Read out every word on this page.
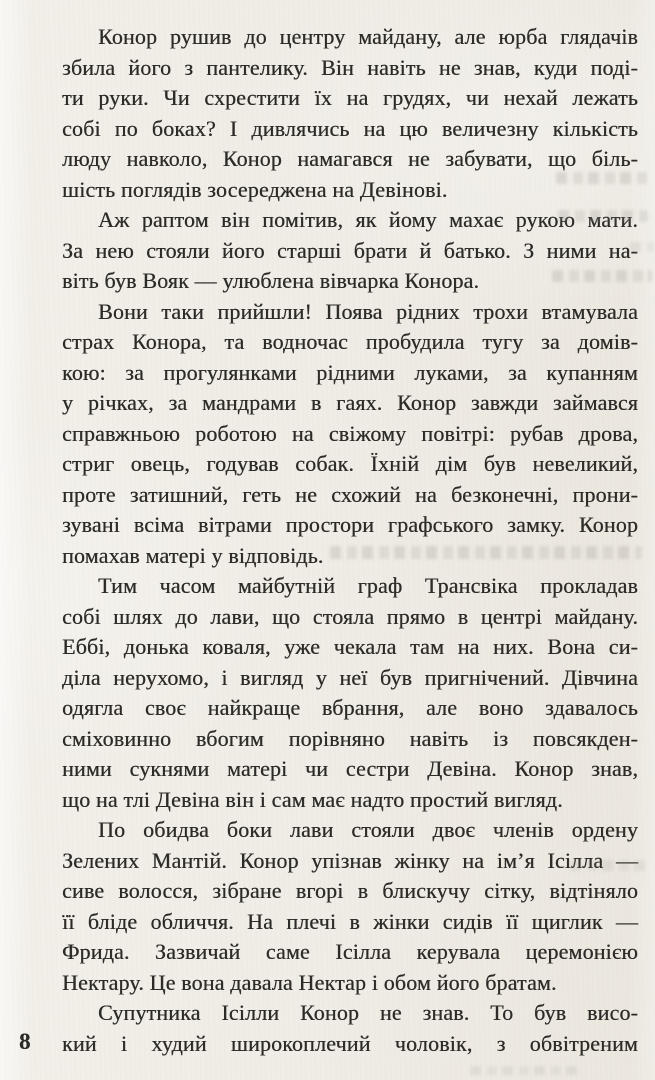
Конор рушив до центру майдану, але юрба глядачів
збила його з пантелику. Він навіть не знав, куди поді-
ти руки. Чи схрестити їх на грудях, чи нехай лежать
собі по боках? І дивлячись на цю величезну кількість
люду навколо, Конор намагався не забувати, що біль-
шість поглядів зосереджена на Девінові.
Аж раптом він помітив, як йому махає рукою мати.
За нею стояли його старші брати й батько. З ними на-
віть був Вояк — улюблена вівчарка Конора.
Вони таки прийшли! Поява рідних трохи втамувала
страх Конора, та водночас пробудила тугу за домів-
кою: за прогулянками рідними луками, за купанням
у річках, за мандрами в гаях. Конор завжди займався
справжньою роботою на свіжому повітрі: рубав дрова,
стриг овець, годував собак. Їхній дім був невеликий,
проте затишний, геть не схожий на безконечні, прони-
зувані всіма вітрами простори графського замку. Конор
помахав матері у відповідь.
Тим часом майбутній граф Трансвіка прокладав
собі шлях до лави, що стояла прямо в центрі майдану.
Еббі, донька коваля, уже чекала там на них. Вона си-
діла нерухомо, і вигляд у неї був пригнічений. Дівчина
одягла своє найкраще вбрання, але воно здавалось
сміховинно вбогим порівняно навіть із повсякден-
ними сукнями матері чи сестри Девіна. Конор знав,
що на тлі Девіна він і сам має надто простий вигляд.
По обидва боки лави стояли двоє членів ордену
Зелених Мантій. Конор упізнав жінку на ім’я Ісілла —
сиве волосся, зібране вгорі в блискучу сітку, відтіняло
її бліде обличчя. На плечі в жінки сидів її щиглик —
Фрида. Зазвичай саме Ісілла керувала церемонією
Нектару. Це вона давала Нектар і обом його братам.
Супутника Ісілли Конор не знав. То був висо-
кий і худий широкоплечий чоловік, з обвітреним
8
